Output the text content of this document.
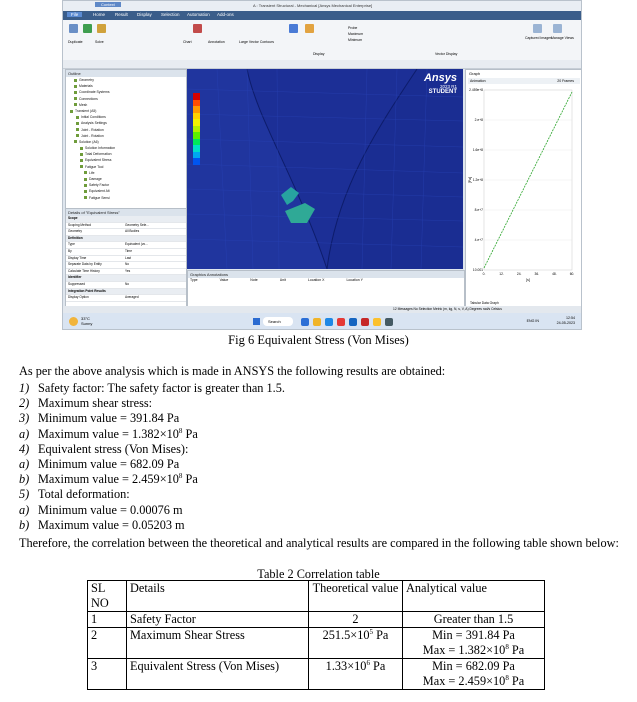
Context	A : Transient Structural - Mechanical [Ansys Mechanical Enterprise]
File	Home Result Display Selection Automation Add-ons
Duplicate	Solve	Chart	Annotation	Large Vector Contours
Probe
Maximum
Minimum
Display	Vector Display
Captured Images Manage Views
Outline
Geometry
Materials
Coordinate Systems
Connections
Mesh
Transient (A5)
Initial Conditions
Analysis Settings
Joint - Rotation
Joint - Rotation
Solution (A6)
Solution Information
Total Deformation
Equivalent Stress
Fatigue Tool
Life
Damage
Safety Factor
Equivalent Alt
Fatigue Sensi
Details of "Equivalent Stress"
Scope
Scoping Method	Geometry Sele...
Geometry	All Bodies
Definition
Type	Equivalent (vo...
By	Time
Display Time	Last
Separate Data by Entity	No
Calculate Time History	Yes
Identifier
Suppressed	No
Integration Point Results
Display Option	Averaged
Ansys
2023 R1
STUDENT
Graphics Annotations
Type	Value	Note	Unit	Location X	Location Y
Graph
Animation	20 Frames
2.459e+8
2.e+8
1.6e+8
1.2e+8
8.e+7
4.e+7
10.001
0.	12.	24.	36.	48.	60.
[s]
[Pa]
Tabular Data Graph
12 Messages No Selection Metric (m, kg, N, s, V, A) Degrees rad/s Celsius
33°C
Sunny	Search	ENG IN
12:54
24-05-2023
Fig 6 Equivalent Stress (Von Mises)
As per the above analysis which is made in ANSYS the following results are obtained:
1) Safety factor: The safety factor is greater than 1.5.
2) Maximum shear stress:
3) Minimum value = 391.84 Pa
a) Maximum value = $1.382\times 10^8$ Pa
4) Equivalent stress (Von Mises):
a) Minimum value = 682.09 Pa
b) Maximum value = $2.459\times 10^8$ Pa
5) Total deformation:
a) Minimum value = 0.00076 m
b) Maximum value = 0.05203 m
Therefore, the correlation between the theoretical and analytical results are compared in the following table shown below:
Table 2 Correlation table
SL NO	Details	Theoretical value	Analytical value
1	Safety Factor	2	Greater than 1.5

2	Maximum Shear Stress	$251.5\times 10^5$ Pa	Min = 391.84 Pa
Max = $1.382\times 10^8$ Pa

3	Equivalent Stress (Von Mises)	$1.33\times 10^6$ Pa	Min = 682.09 Pa
Max = $2.459\times 10^8$ Pa
